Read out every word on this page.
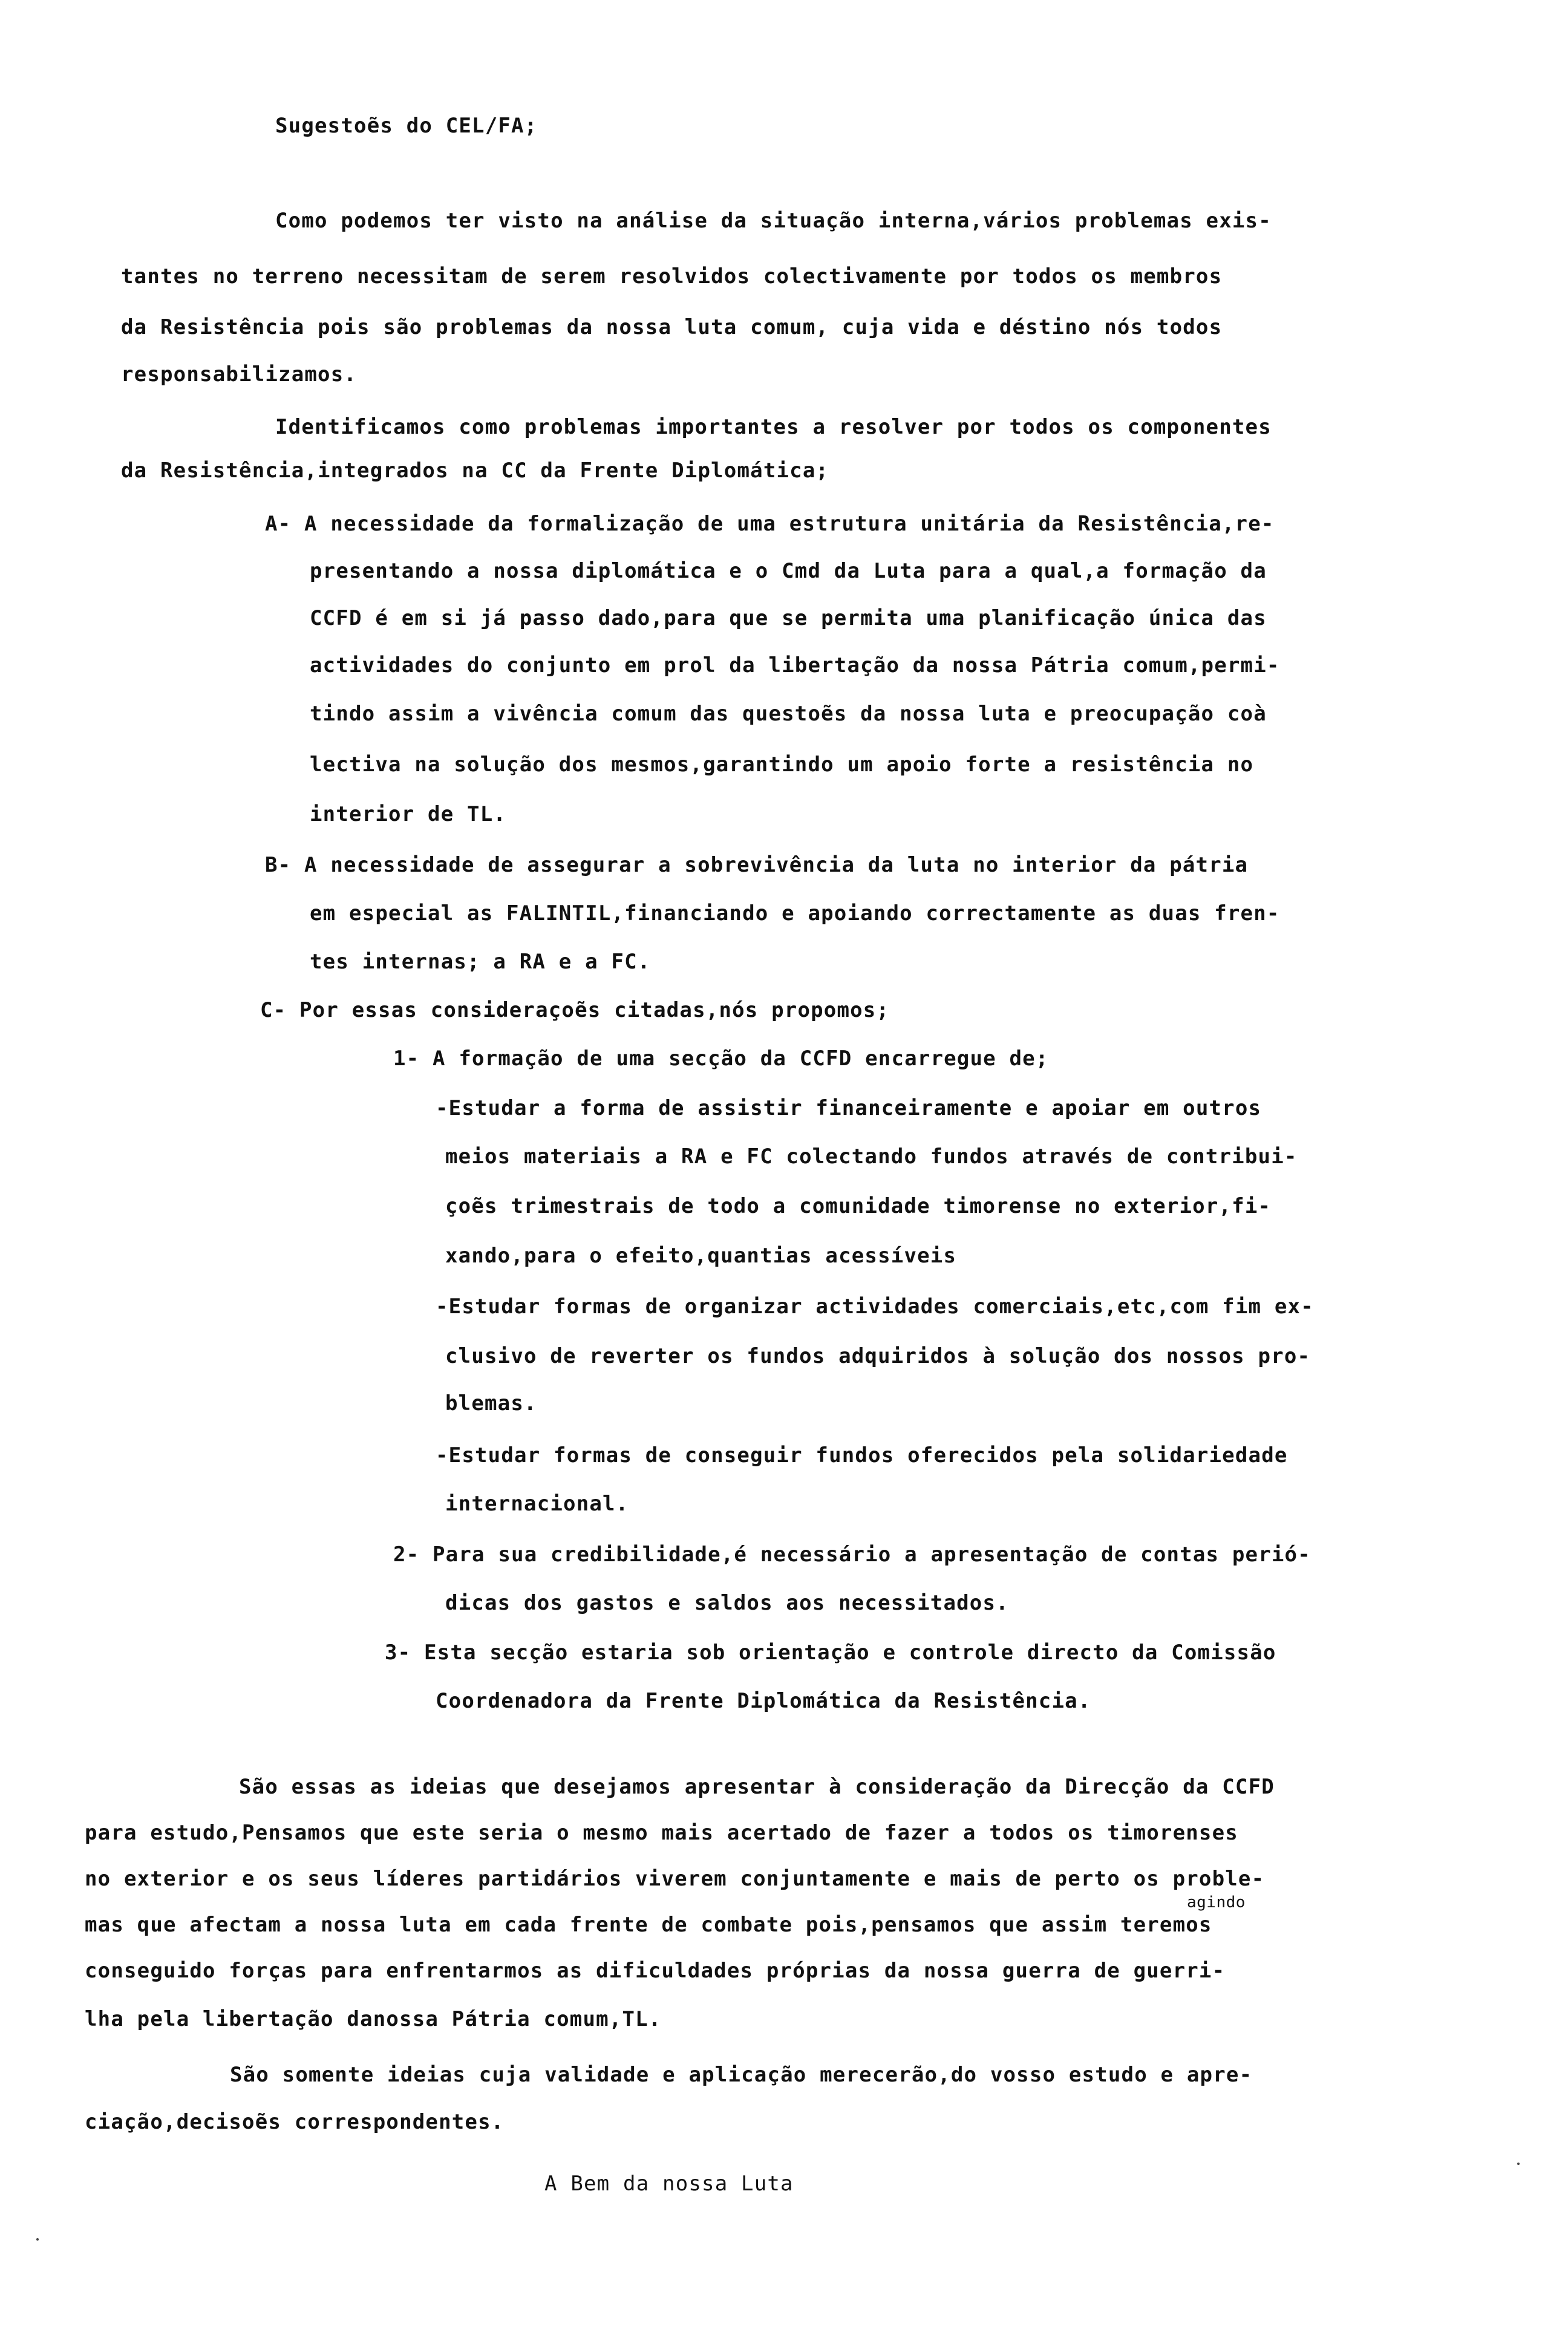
Sugestoẽs do CEL/FA;
Como podemos ter visto na análise da situação interna,vários problemas exis-
tantes no terreno necessitam de serem resolvidos colectivamente por todos os membros
da Resistência pois são problemas da nossa luta comum, cuja vida e déstino nós todos
responsabilizamos.
Identificamos como problemas importantes a resolver por todos os componentes
da Resistência,integrados na CC da Frente Diplomática;
A- A necessidade da formalização de uma estrutura unitária da Resistência,re-
presentando a nossa diplomática e o Cmd da Luta para a qual,a formação da
CCFD é em si já passo dado,para que se permita uma planificação única das
actividades do conjunto em prol da libertação da nossa Pátria comum,permi-
tindo assim a vivência comum das questoẽs da nossa luta e preocupação coà
lectiva na solução dos mesmos,garantindo um apoio forte a resistência no
interior de TL.
B- A necessidade de assegurar a sobrevivência da luta no interior da pátria
em especial as FALINTIL,financiando e apoiando correctamente as duas fren-
tes internas; a RA e a FC.
C- Por essas consideraçoẽs citadas,nós propomos;
1- A formação de uma secção da CCFD encarregue de;
-Estudar a forma de assistir financeiramente e apoiar em outros
meios materiais a RA e FC colectando fundos através de contribui-
çoẽs trimestrais de todo a comunidade timorense no exterior,fi-
xando,para o efeito,quantias acessíveis
-Estudar formas de organizar actividades comerciais,etc,com fim ex-
clusivo de reverter os fundos adquiridos à solução dos nossos pro-
blemas.
-Estudar formas de conseguir fundos oferecidos pela solidariedade
internacional.
2- Para sua credibilidade,é necessário a apresentação de contas perió-
dicas dos gastos e saldos aos necessitados.
3- Esta secção estaria sob orientação e controle directo da Comissão
Coordenadora da Frente Diplomática da Resistência.
São essas as ideias que desejamos apresentar à consideração da Direcção da CCFD
para estudo,Pensamos que este seria o mesmo mais acertado de fazer a todos os timorenses
no exterior e os seus líderes partidários viverem conjuntamente e mais de perto os proble-
agindo
mas que afectam a nossa luta em cada frente de combate pois,pensamos que assim teremos
conseguido forças para enfrentarmos as dificuldades próprias da nossa guerra de guerri-
lha pela libertação danossa Pátria comum,TL.
São somente ideias cuja validade e aplicação merecerão,do vosso estudo e apre-
ciação,decisoẽs correspondentes.
A Bem da nossa Luta
